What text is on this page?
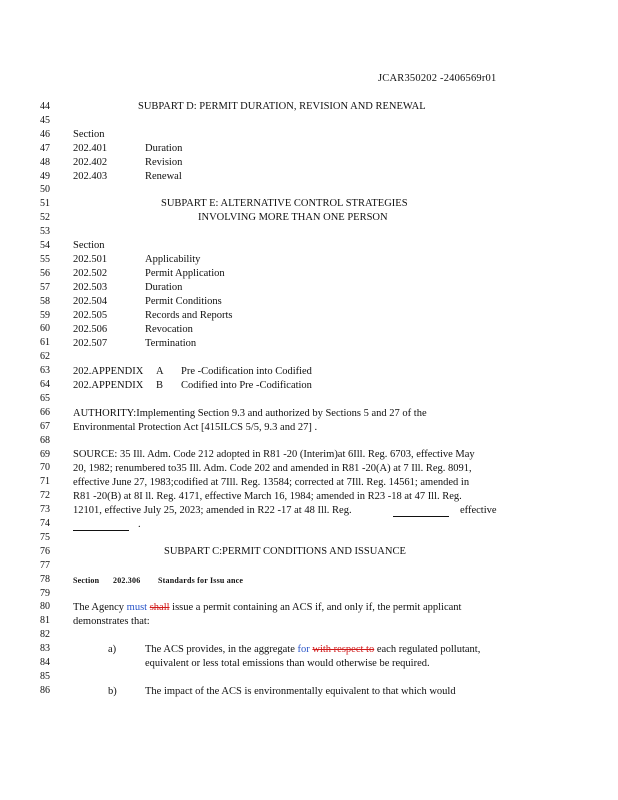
JCAR350202 -2406569r01
44
45
46
47
48
49
50
51
52
53
54
55
56
57
58
59
60
61
62
63
64
65
66
67
68
69
70
71
72
73
74
75
76
77
78
79
80
81
82
83
84
85
86
SUBPART D: PERMIT DURATION, REVISION AND RENEWAL
Section
202.401	Duration
202.402	Revision
202.403	Renewal
SUBPART E: ALTERNATIVE CONTROL STRATEGIES
INVOLVING MORE THAN ONE PERSON
Section
202.501	Applicability
202.502	Permit Application
202.503	Duration
202.504	Permit Conditions
202.505	Records and Reports
202.506	Revocation
202.507	Termination
202.APPENDIX A Pre -Codification into Codified
202.APPENDIX B Codified into Pre -Codification
AUTHORITY:Implementing Section 9.3 and authorized by Sections 5 and 27 of the
Environmental Protection Act [415ILCS 5/5, 9.3 and 27] .
SOURCE: 35 Ill. Adm. Code 212 adopted in R81 -20 (Interim)at 6Ill. Reg. 6703, effective May
20, 1982; renumbered to35 Ill. Adm. Code 202 and amended in R81 -20(A) at 7 Ill. Reg. 8091,
effective June 27, 1983;codified at 7Ill. Reg. 13584; corrected at 7Ill. Reg. 14561; amended in
R81 -20(B) at 8I ll. Reg. 4171, effective March 16, 1984; amended in R23 -18 at 47 Ill. Reg.
12101, effective July 25, 2023; amended in R22 -17 at 48 Ill. Reg.	effective
.
SUBPART C:PERMIT CONDITIONS AND ISSUANCE
Section 202.306 Standards for Issu ance
The Agency must shall issue a permit containing an ACS if, and only if, the permit applicant
demonstrates that:
a)	The ACS provides, in the aggregate for with respect to each regulated pollutant,
equivalent or less total emissions than would otherwise be required.
b)	The impact of the ACS is environmentally equivalent to that which would
